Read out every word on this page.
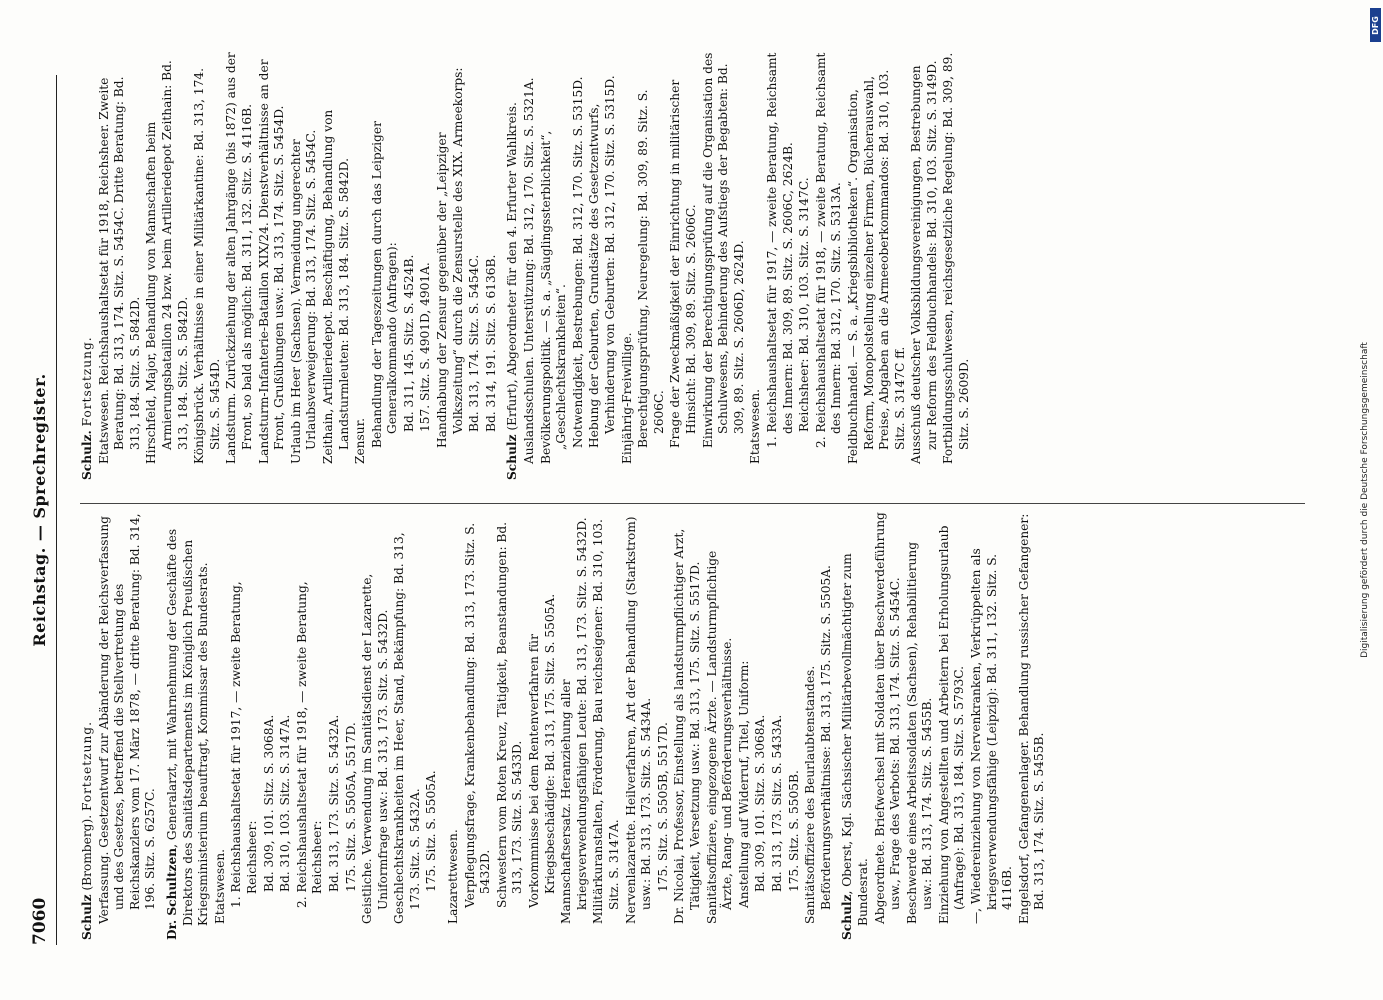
7060
Reichstag. — Sprechregister.

Schulz (Bromberg). Fortsetzung. Verfassung. Gesetzentwurf zur Abänderung der Reichsverfassung und des Gesetzes, betreffend die Stellvertretung des Reichskanzlers vom 17. März 1878, — dritte Beratung: Bd. 314, 196. Sitz. S. 6257C. Dr. Schultzen, Generalarzt, mit Wahrnehmung der Geschäfte des Direktors des Sanitätsdepartements im Königlich Preußischen Kriegsministerium beauftragt, Kommissar des Bundesrats. Etatswesen. 1. Reichshaushaltsetat für 1917, — zweite Beratung, Reichsheer: Bd. 309, 101. Sitz. S. 3068A. Bd. 310, 103. Sitz. S. 3147A. 2. Reichshaushaltsetat für 1918, — zweite Beratung, Reichsheer: Bd. 313, 173. Sitz. S. 5432A. 175. Sitz. S. 5505A, 5517D. Geistliche. Verwendung im Sanitätsdienst der Lazarette, Uniformfrage usw.: Bd. 313, 173. Sitz. S. 5432D. Geschlechtskrankheiten im Heer, Stand, Bekämpfung: Bd. 313, 173. Sitz. S. 5432A. 175. Sitz. S. 5505A. Lazarettwesen. Verpflegungsfrage, Krankenbehandlung: Bd. 313, 173. Sitz. S. 5432D. Schwestern vom Roten Kreuz, Tätigkeit, Beanstandungen: Bd. 313, 173. Sitz. S. 5433D. Vorkommnisse bei dem Rentenverfahren für Kriegsbeschädigte: Bd. 313, 175. Sitz. S. 5505A. Mannschaftsersatz. Heranziehung aller kriegsverwendungsfähigen Leute: Bd. 313, 173. Sitz. S. 5432D. Militärkuranstalten, Förderung, Bau reichseigener: Bd. 310, 103. Sitz. S. 3147A. Nervenlazarette. Heilverfahren, Art der Behandlung (Starkstrom) usw.: Bd. 313, 173. Sitz. S. 5434A. 175. Sitz. S. 5505B, 5517D. Dr. Nicolai, Professor, Einstellung als landsturmpflichtiger Arzt, Tätigkeit, Versetzung usw.: Bd. 313, 175. Sitz. S. 5517D. Sanitätsoffiziere, eingezogene Ärzte. — Landsturmpflichtige Ärzte, Rang- und Beförderungsverhältnisse. Anstellung auf Widerruf, Titel, Uniform: Bd. 309, 101. Sitz. S. 3068A. Bd. 313, 173. Sitz. S. 5433A. 175. Sitz. S. 5505B. Sanitätsoffiziere des Beurlaubtenstandes. Beförderungsverhältnisse: Bd. 313, 175. Sitz. S. 5505A.

Schulz, Oberst, Kgl. Sächsischer Militärbevollmächtigter zum Bundesrat. Abgeordnete. Briefwechsel mit Soldaten über Beschwerdeführung usw., Frage des Verbots: Bd. 313, 174. Sitz. S. 5454C. Beschwerde eines Arbeitssoldaten (Sachsen), Rehabilitierung usw.: Bd. 313, 174. Sitz. S. 5455B. Einziehung von Angestellten und Arbeitern bei Erholungsurlaub (Anfrage): Bd. 313, 184. Sitz. S. 5793C. —, Wiedereinziehung von Nervenkranken, Verkrüppelten als kriegsverwendungsfähige (Leipzig): Bd. 311, 132. Sitz. S. 4116B. Engelsdorf, Gefangenenlager. Behandlung russischer Gefangener: Bd. 313, 174. Sitz. S. 5455B.

Schulz. Fortsetzung. Etatswesen. Reichshaushaltsetat für 1918, Reichsheer. Zweite Beratung: Bd. 313, 174. Sitz. S. 5454C. Dritte Beratung: Bd. 313, 184. Sitz. S. 5842D. Hirschfeld, Major, Behandlung von Mannschaften beim Armierungsbataillon 24 bzw. beim Artilleriedepot Zeithain: Bd. 313, 184. Sitz. S. 5842D. Königsbrück. Verhältnisse in einer Militärkantine: Bd. 313, 174. Sitz. S. 5454D. Landsturm. Zurückziehung der alten Jahrgänge (bis 1872) aus der Front, so bald als möglich: Bd. 311, 132. Sitz. S. 4116B. Landsturm-Infanterie-Bataillon XIX/24. Dienstverhältnisse an der Front, Grußübungen usw.: Bd. 313, 174. Sitz. S. 5454D. Urlaub im Heer (Sachsen). Vermeidung ungerechter Urlaubsverweigerung: Bd. 313, 174. Sitz. S. 5454C. Zeithain, Artilleriedepot. Beschäftigung, Behandlung von Landsturmleuten: Bd. 313, 184. Sitz. S. 5842D. Zensur. Behandlung der Tageszeitungen durch das Leipziger Generalkommando (Anfragen): Bd. 311, 145. Sitz. S. 4524B. 157. Sitz. S. 4901D, 4901A. Handhabung der Zensur gegenüber der „Leipziger Volkszeitung“ durch die Zensurstelle des XIX. Armeekorps: Bd. 313, 174. Sitz. S. 5454C. Bd. 314, 191. Sitz. S. 6136B.

Schulz (Erfurt), Abgeordneter für den 4. Erfurter Wahlkreis. Auslandsschulen. Unterstützung: Bd. 312, 170. Sitz. S. 5321A. Bevölkerungspolitik. — S. a. „Säuglingssterblichkeit“, „Geschlechtskrankheiten“. Notwendigkeit, Bestrebungen: Bd. 312, 170. Sitz. S. 5315D. Hebung der Geburten, Grundsätze des Gesetzentwurfs, Verhinderung von Geburten: Bd. 312, 170. Sitz. S. 5315D. Einjährig-Freiwillige. Berechtigungsprüfung, Neuregelung: Bd. 309, 89. Sitz. S. 2606C. Frage der Zweckmäßigkeit der Einrichtung in militärischer Hinsicht: Bd. 309, 89. Sitz. S. 2606C. Einwirkung der Berechtigungsprüfung auf die Organisation des Schulwesens, Behinderung des Aufstiegs der Begabten: Bd. 309, 89. Sitz. S. 2606D, 2624D. Etatswesen. 1. Reichshaushaltsetat für 1917, — zweite Beratung, Reichsamt des Innern: Bd. 309, 89. Sitz. S. 2606C, 2624B. Reichsheer: Bd. 310, 103. Sitz. S. 3147C. 2. Reichshaushaltsetat für 1918, — zweite Beratung, Reichsamt des Innern: Bd. 312, 170. Sitz. S. 5313A. Feldbuchhandel. — S. a. „Kriegsbibliotheken“. Organisation, Reform, Monopolstellung einzelner Firmen, Bücherauswahl, Preise, Abgaben an die Armeeoberkommandos: Bd. 310, 103. Sitz. S. 3147C ff. Ausschuß deutscher Volksbildungsvereinigungen, Bestrebungen zur Reform des Feldbuchhandels: Bd. 310, 103. Sitz. S. 3149D. Fortbildungsschulwesen, reichsgesetzliche Regelung: Bd. 309, 89. Sitz. S. 2609D.	Digitalisierung gefördert durch die Deutsche Forschungsgemeinschaft
DFG
